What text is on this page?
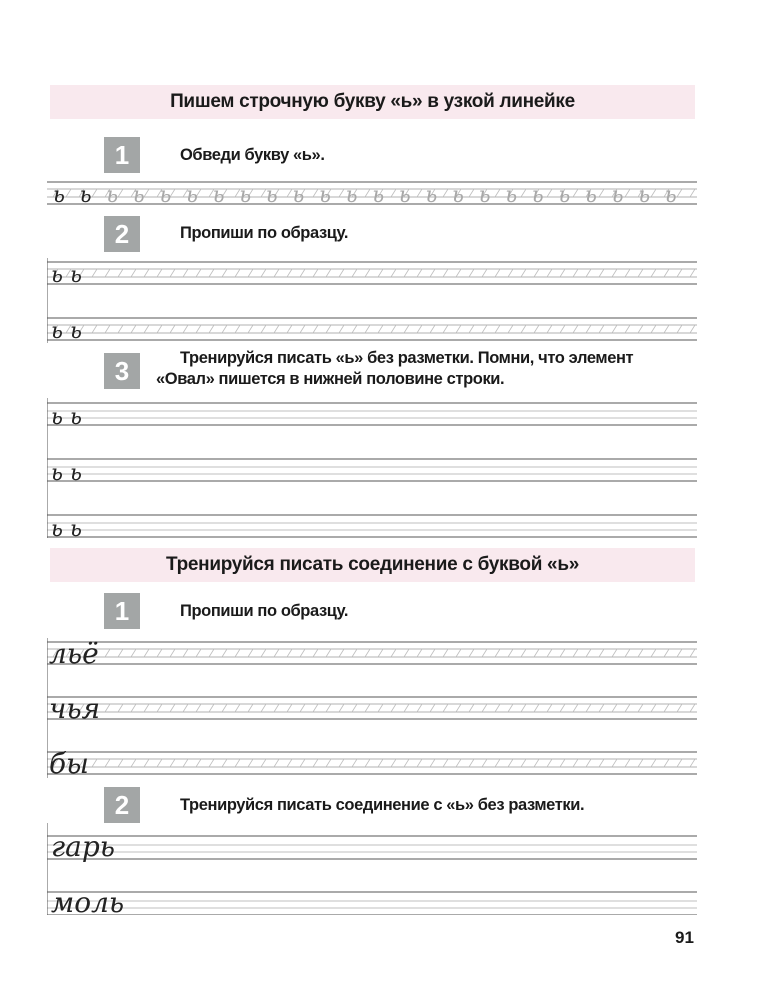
Пишем строчную букву «ь» в узкой линейке
1	Обведи букву «ь».
ь ь ь ь ь ь ь ь ь ь ь ь ь ь ь ь ь ь ь ь ь ь ь ь
2	Пропиши по образцу.
ь ь
ь ь
3	Тренируйся писать «ь» без разметки. Помни, что элемент
«Овал» пишется в нижней половине строки.
ь ь
ь ь
ь ь
Тренируйся писать соединение с буквой «ь»
1	Пропиши по образцу.
льё
чья
бы
2	Тренируйся писать соединение с «ь» без разметки.
гарь
моль
91
